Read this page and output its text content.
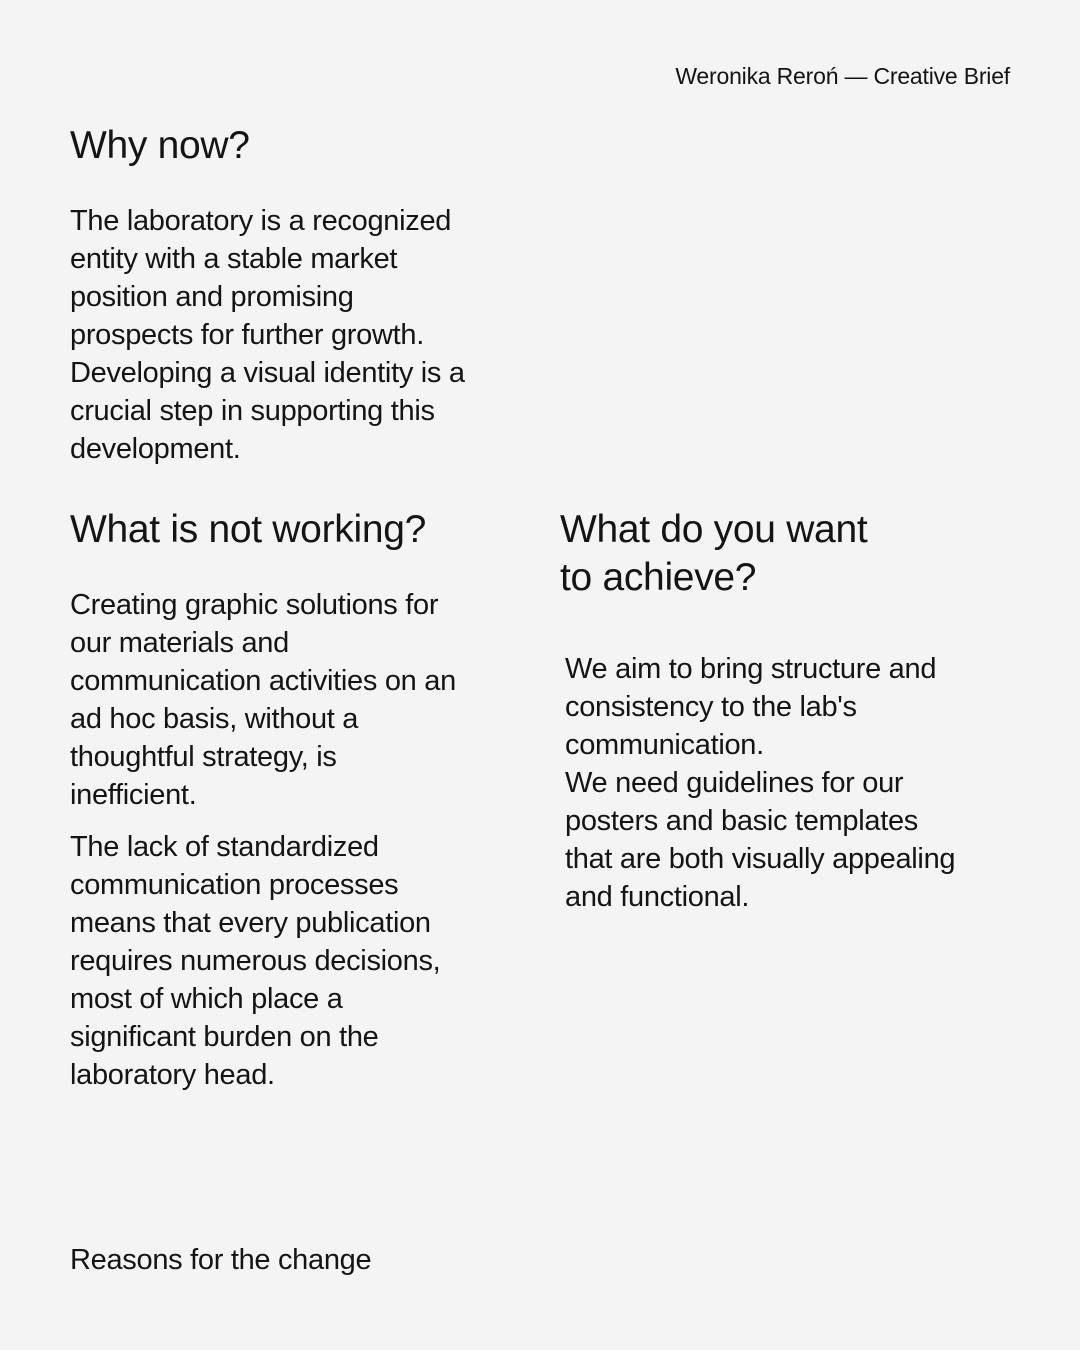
Weronika Reroń — Creative Brief
Why now?

The laboratory is a recognized
entity with a stable market
position and promising
prospects for further growth.
Developing a visual identity is a
crucial step in supporting this
development.

What is not working?

Creating graphic solutions for
our materials and
communication activities on an
ad hoc basis, without a
thoughtful strategy, is
inefficient.

The lack of standardized
communication processes
means that every publication
requires numerous decisions,
most of which place a
significant burden on the
laboratory head.

What do you want
to achieve?

We aim to bring structure and
consistency to the lab's
communication.
We need guidelines for our
posters and basic templates
that are both visually appealing
and functional.

Reasons for the change
